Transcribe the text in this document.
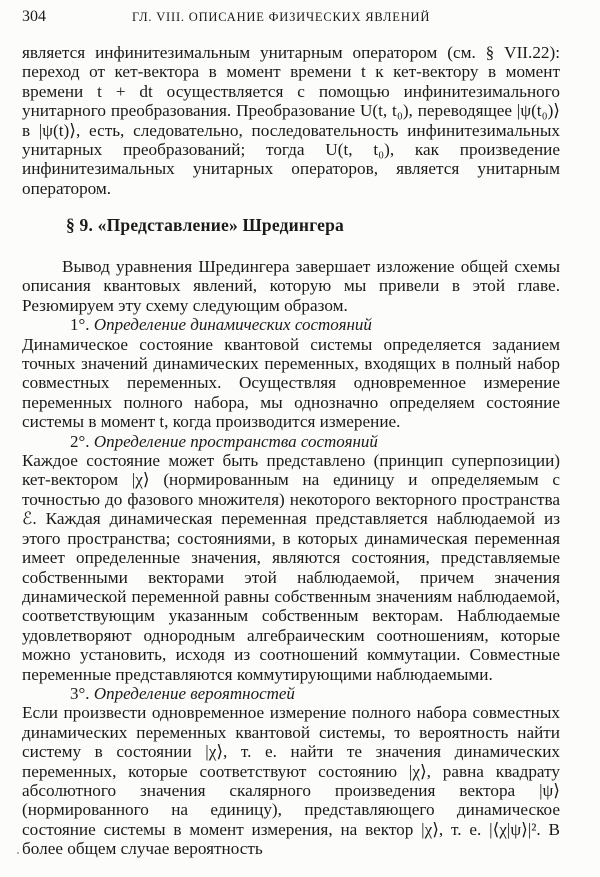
304	ГЛ. VIII. ОПИСАНИЕ ФИЗИЧЕСКИХ ЯВЛЕНИЙ

является инфинитезимальным унитарным оператором (см. § VII.22): переход от кет-вектора в момент времени t к кет-вектору в момент времени t + dt осуществляется с помощью инфинитезимального унитарного преобразования. Преобразование U(t, t₀), переводящее |ψ(t₀)⟩ в |ψ(t)⟩, есть, следовательно, последовательность инфинитезимальных унитарных преобразований; тогда U(t, t₀), как произведение инфинитезимальных унитарных операторов, является унитарным оператором.

§ 9. «Представление» Шредингера

Вывод уравнения Шредингера завершает изложение общей схемы описания квантовых явлений, которую мы привели в этой главе. Резюмируем эту схему следующим образом.

1°. Определение динамических состояний

Динамическое состояние квантовой системы определяется заданием точных значений динамических переменных, входящих в полный набор совместных переменных. Осуществляя одновременное измерение переменных полного набора, мы однозначно определяем состояние системы в момент t, когда производится измерение.

2°. Определение пространства состояний

Каждое состояние может быть представлено (принцип суперпозиции) кет-вектором |χ⟩ (нормированным на единицу и определяемым с точностью до фазового множителя) некоторого векторного пространства ℰ. Каждая динамическая переменная представляется наблюдаемой из этого пространства; состояниями, в которых динамическая переменная имеет определенные значения, являются состояния, представляемые собственными векторами этой наблюдаемой, причем значения динамической переменной равны собственным значениям наблюдаемой, соответствующим указанным собственным векторам. Наблюдаемые удовлетворяют однородным алгебраическим соотношениям, которые можно установить, исходя из соотношений коммутации. Совместные переменные представляются коммутирующими наблюдаемыми.

3°. Определение вероятностей

Если произвести одновременное измерение полного набора совместных динамических переменных квантовой системы, то вероятность найти систему в состоянии |χ⟩, т. е. найти те значения динамических переменных, которые соответствуют состоянию |χ⟩, равна квадрату абсолютного значения скалярного произведения вектора |ψ⟩ (нормированного на единицу), представляющего динамическое состояние системы в момент измерения, на вектор |χ⟩, т. е. |⟨χ|ψ⟩|². В более общем случае вероятность
